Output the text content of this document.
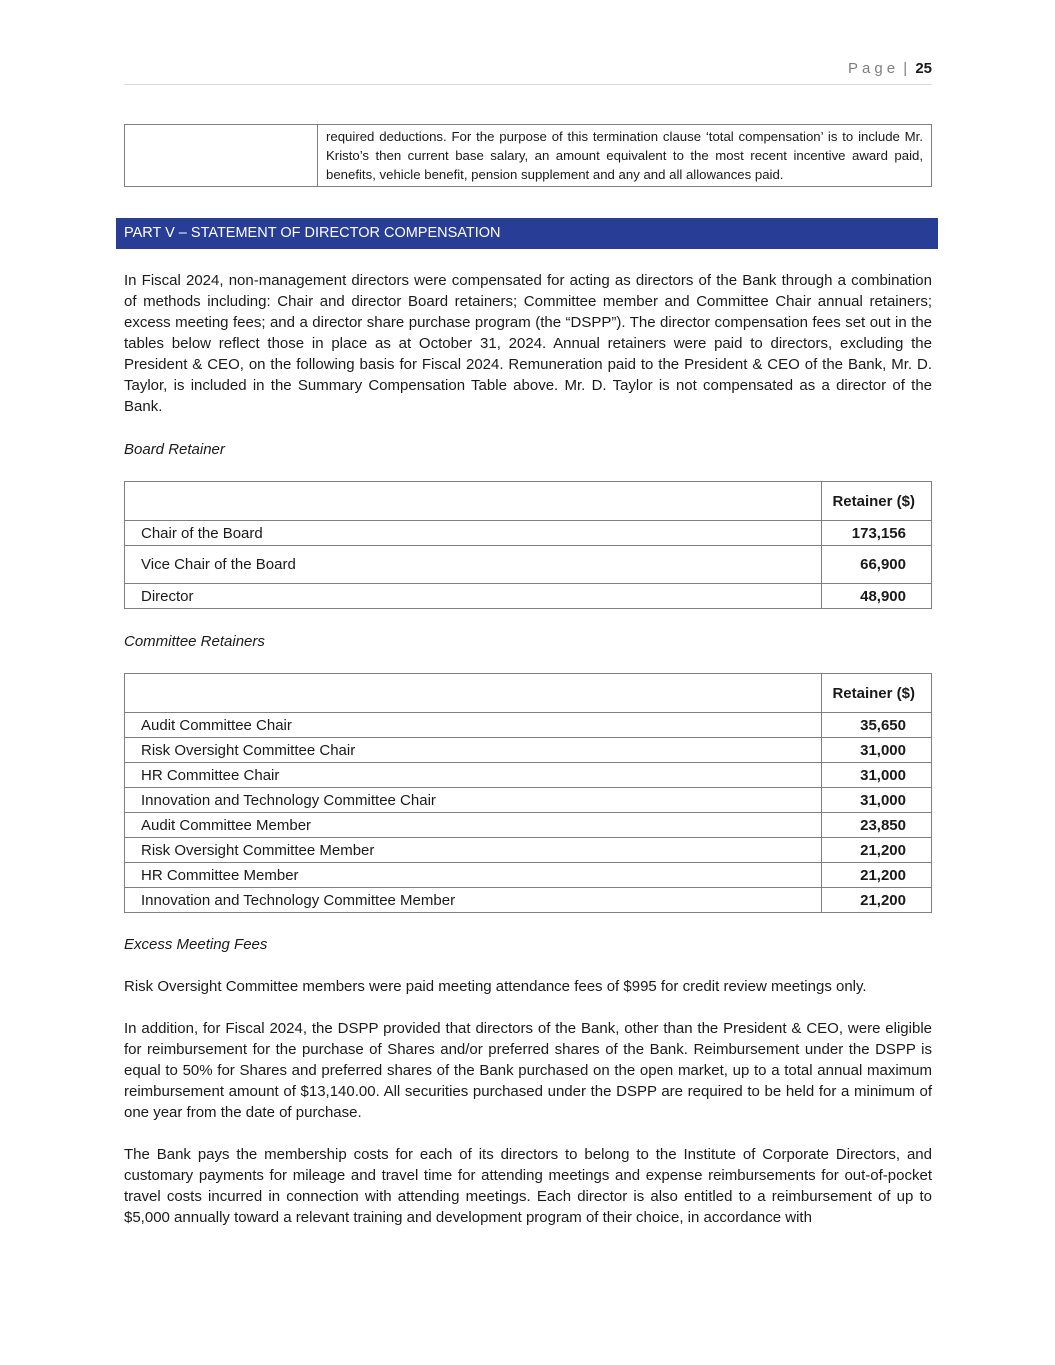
Page | 25
	required deductions. For the purpose of this termination clause ‘total compensation’ is to include Mr. Kristo’s then current base salary, an amount equivalent to the most recent incentive award paid, benefits, vehicle benefit, pension supplement and any and all allowances paid.
PART V – STATEMENT OF DIRECTOR COMPENSATION

In Fiscal 2024, non-management directors were compensated for acting as directors of the Bank through a combination of methods including: Chair and director Board retainers; Committee member and Committee Chair annual retainers; excess meeting fees; and a director share purchase program (the “DSPP”). The director compensation fees set out in the tables below reflect those in place as at October 31, 2024. Annual retainers were paid to directors, excluding the President & CEO, on the following basis for Fiscal 2024. Remuneration paid to the President & CEO of the Bank, Mr. D. Taylor, is included in the Summary Compensation Table above. Mr. D. Taylor is not compensated as a director of the Bank.

Board Retainer

	Retainer ($)
Chair of the Board	173,156
Vice Chair of the Board	66,900
Director	48,900

Committee Retainers

	Retainer ($)
Audit Committee Chair	35,650
Risk Oversight Committee Chair	31,000
HR Committee Chair	31,000
Innovation and Technology Committee Chair	31,000
Audit Committee Member	23,850
Risk Oversight Committee Member	21,200
HR Committee Member	21,200
Innovation and Technology Committee Member	21,200

Excess Meeting Fees

Risk Oversight Committee members were paid meeting attendance fees of $995 for credit review meetings only.

In addition, for Fiscal 2024, the DSPP provided that directors of the Bank, other than the President & CEO, were eligible for reimbursement for the purchase of Shares and/or preferred shares of the Bank. Reimbursement under the DSPP is equal to 50% for Shares and preferred shares of the Bank purchased on the open market, up to a total annual maximum reimbursement amount of $13,140.00. All securities purchased under the DSPP are required to be held for a minimum of one year from the date of purchase.

The Bank pays the membership costs for each of its directors to belong to the Institute of Corporate Directors, and customary payments for mileage and travel time for attending meetings and expense reimbursements for out-of-pocket travel costs incurred in connection with attending meetings. Each director is also entitled to a reimbursement of up to $5,000 annually toward a relevant training and development program of their choice, in accordance with
